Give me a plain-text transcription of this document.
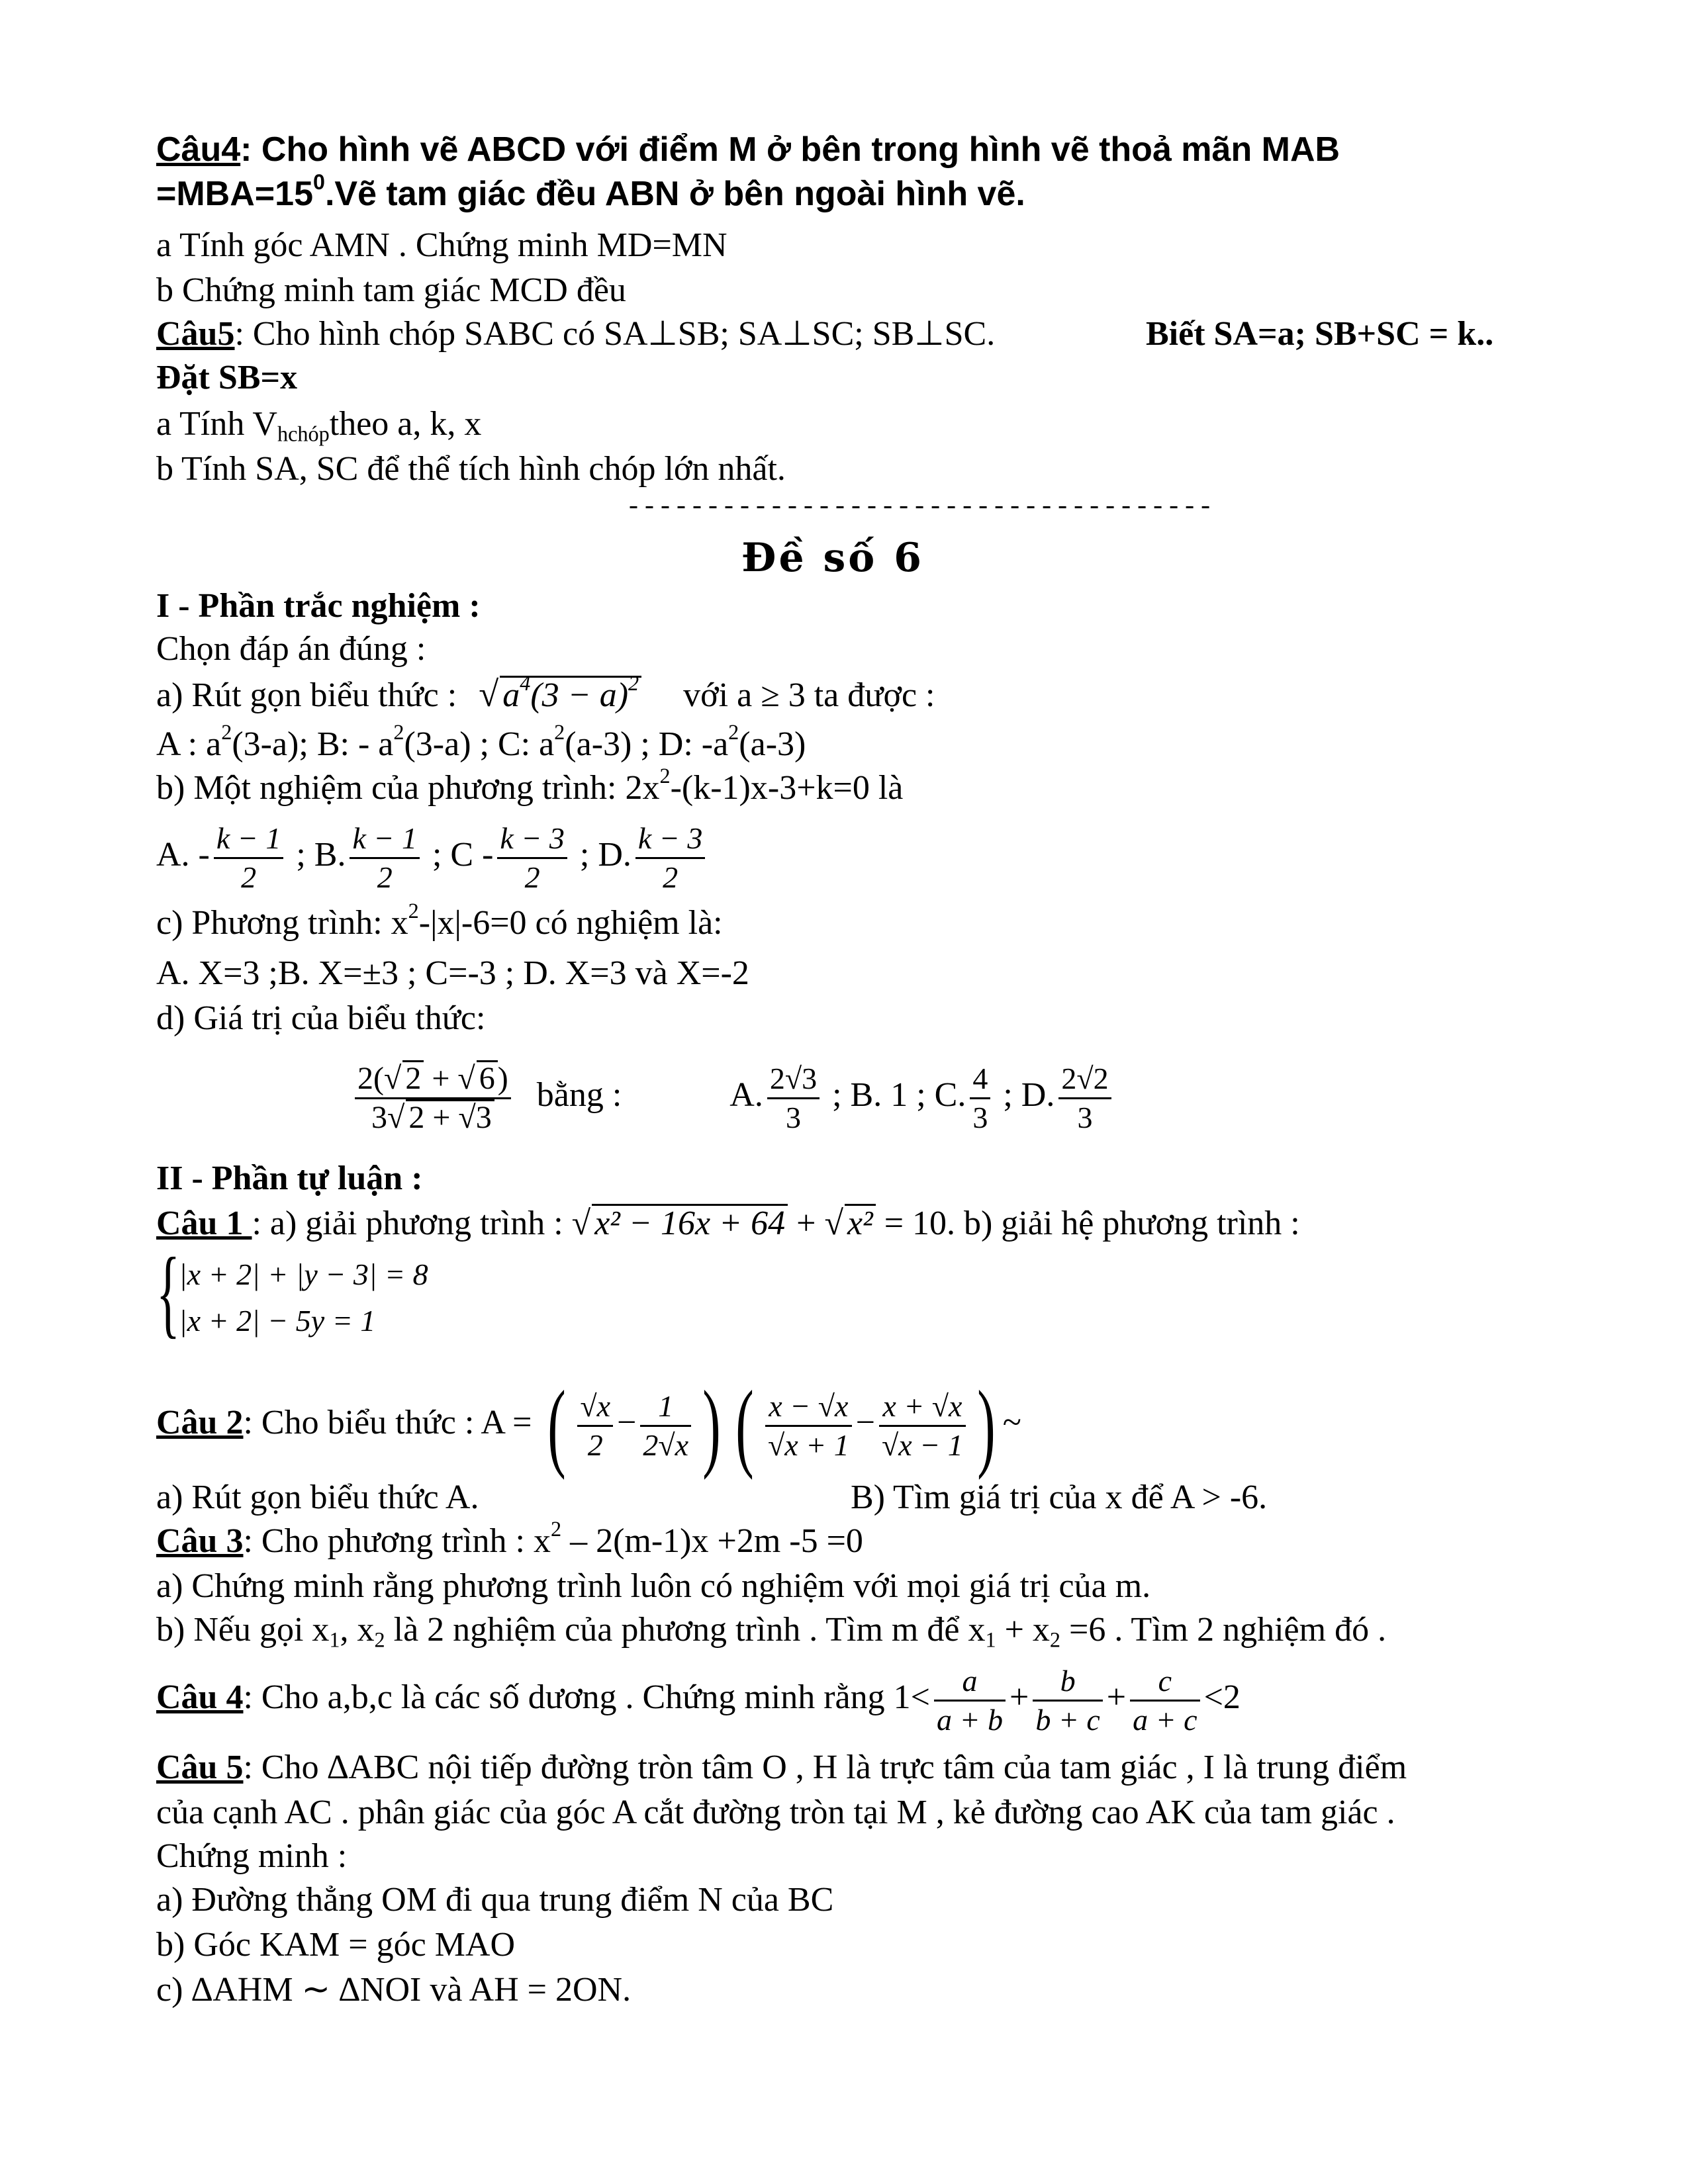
Câu4: Cho hình vẽ ABCD với điểm M ở bên trong hình vẽ thoả mãn MAB
$=MBA=15^0.Vẽ$ tam giác đều ABN ở bên ngoài hình vẽ.
a Tính góc AMN . Chứng minh MD=MN
b Chứng minh tam giác MCD đều
Câu5: Cho hình chóp SABC có SA⊥SB; SA⊥SC; SB⊥SC.	Biết SA=a; SB+SC = k..
Đặt SB=x
a Tính $V_{hchóp}theo$ a, k, x
b Tính SA, SC để thể tích hình chóp lớn nhất.
-------------------------------------
Đề số 6
I - Phần trắc nghiệm :
Chọn đáp án đúng :
a) Rút gọn biểu thức : √ $a^4(3 - a)^2$ với a ≥ 3 ta được :
A : $a^2(3-a)$; B: - $a^2(3-a)$ ; C: $a^2(a-3)$ ; D: $-a^2(a-3)$
b) Một nghiệm của phương trình: $2x^2-(k-1)x-3+k=0$ là
A. - $\frac{k - 1}{2}$ ; B. $\frac{k - 1}{2}$ ; C - $\frac{k - 3}{2}$ ; D. $\frac{k - 3}{2}$
c) Phương trình: $x^2-|x|-6=0$ có nghiệm là:
A. X=3 ;B. X=±3 ; C=-3 ; D. X=3 và X=-2
d) Giá trị của biểu thức:
$\frac{2(√ 2 + √ 6)}{3√ 2 + √3}$ bằng :	A. $\frac{2√3}{3}$ ; B. 1 ; C. $\frac{4}{3}$ ; D. $\frac{2√2}{3}$
II - Phần tự luận :
Câu 1 : a) giải phương trình : √ x² − 16x + 64 + √ x² = 10. b) giải hệ phương trình :
{
|x + 2| + |y − 3| = 8
|x + 2| − 5y = 1
Câu 2: Cho biểu thức : A = ( $\frac{√x}{2} - \frac{1}{2√x}$ ) ( $\frac{x - √x}{√x + 1} - \frac{x + √x}{√x - 1}$ ) ~
a) Rút gọn biểu thức A.	B) Tìm giá trị của x để A > -6.
Câu 3: Cho phương trình : $x^2 - 2(m-1)x +2m$ -5 =0
a) Chứng minh rằng phương trình luôn có nghiệm với mọi giá trị của m.
b) Nếu gọi $x_1$, $x_2$ là 2 nghiệm của phương trình . Tìm m để $x_1 + x_2 =6$ . Tìm 2 nghiệm đó .
Câu 4: Cho a,b,c là các số dương . Chứng minh rằng $1< \frac{a}{a + b} + \frac{b}{b + c} + \frac{c}{a + c} <2$
Câu 5: Cho ∆ABC nội tiếp đường tròn tâm O , H là trực tâm của tam giác , I là trung điểm
của cạnh AC . phân giác của góc A cắt đường tròn tại M , kẻ đường cao AK của tam giác .
Chứng minh :
a) Đường thẳng OM đi qua trung điểm N của BC
b) Góc KAM = góc MAO
c) ∆AHM ∼ ∆NOI và AH = 2ON.
